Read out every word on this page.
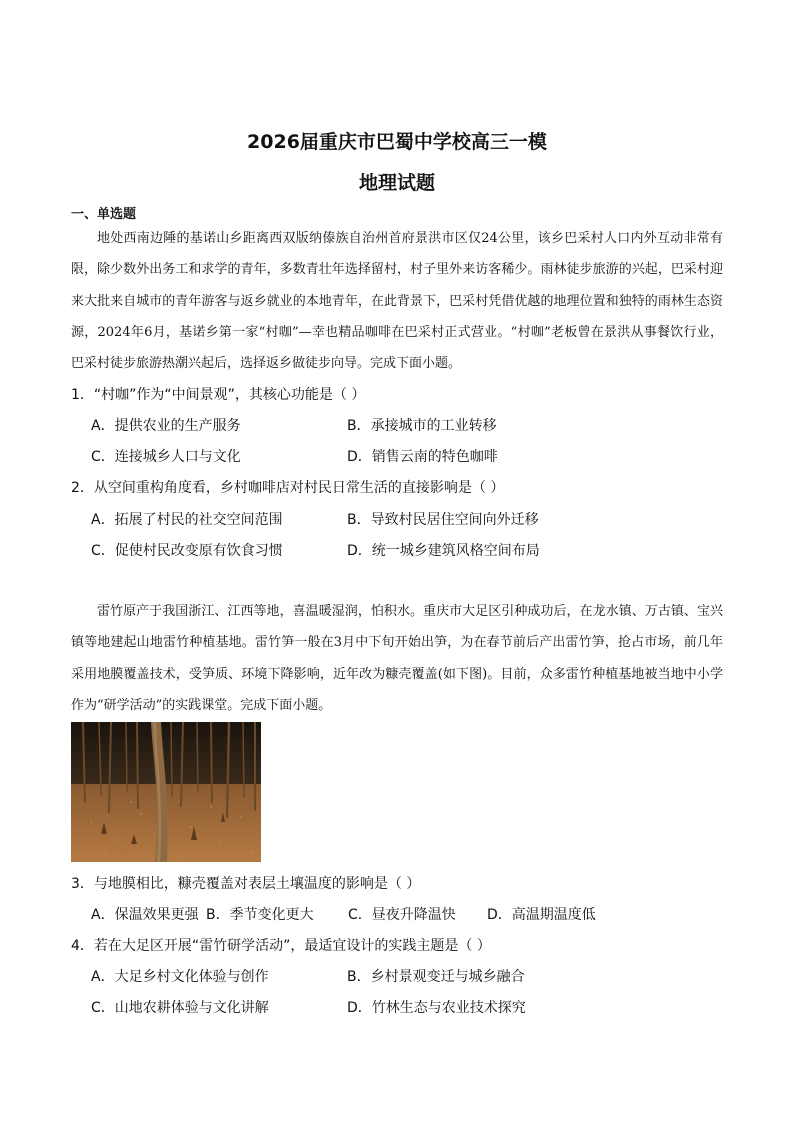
2026届重庆市巴蜀中学校高三一模
地理试题
一、单选题

地处西南边陲的基诺山乡距离西双版纳傣族自治州首府景洪市区仅24公里，该乡巴采村人口内外互动非常有限，除少数外出务工和求学的青年，多数青壮年选择留村，村子里外来访客稀少。雨林徒步旅游的兴起，巴采村迎来大批来自城市的青年游客与返乡就业的本地青年，在此背景下，巴采村凭借优越的地理位置和独特的雨林生态资源，2024年6月，基诺乡第一家“村咖”—幸也精品咖啡在巴采村正式营业。“村咖”老板曾在景洪从事餐饮行业，巴采村徒步旅游热潮兴起后，选择返乡做徒步向导。完成下面小题。

1．“村咖”作为“中间景观”，其核心功能是（ ）
A．提供农业的生产服务	B．承接城市的工业转移
C．连接城乡人口与文化	D．销售云南的特色咖啡
2．从空间重构角度看，乡村咖啡店对村民日常生活的直接影响是（ ）
A．拓展了村民的社交空间范围	B．导致村民居住空间向外迁移
C．促使村民改变原有饮食习惯	D．统一城乡建筑风格空间布局

雷竹原产于我国浙江、江西等地，喜温暖湿润，怕积水。重庆市大足区引种成功后，在龙水镇、万古镇、宝兴镇等地建起山地雷竹种植基地。雷竹笋一般在3月中下旬开始出笋，为在春节前后产出雷竹笋，抢占市场，前几年采用地膜覆盖技术，受笋质、环境下降影响，近年改为糠壳覆盖(如下图)。目前，众多雷竹种植基地被当地中小学作为“研学活动”的实践课堂。完成下面小题。

3．与地膜相比，糠壳覆盖对表层土壤温度的影响是（ ）
A．保温效果更强 B．季节变化更大 C．昼夜升降温快 D．高温期温度低
4．若在大足区开展“雷竹研学活动”，最适宜设计的实践主题是（ ）
A．大足乡村文化体验与创作	B．乡村景观变迁与城乡融合
C．山地农耕体验与文化讲解	D．竹林生态与农业技术探究
